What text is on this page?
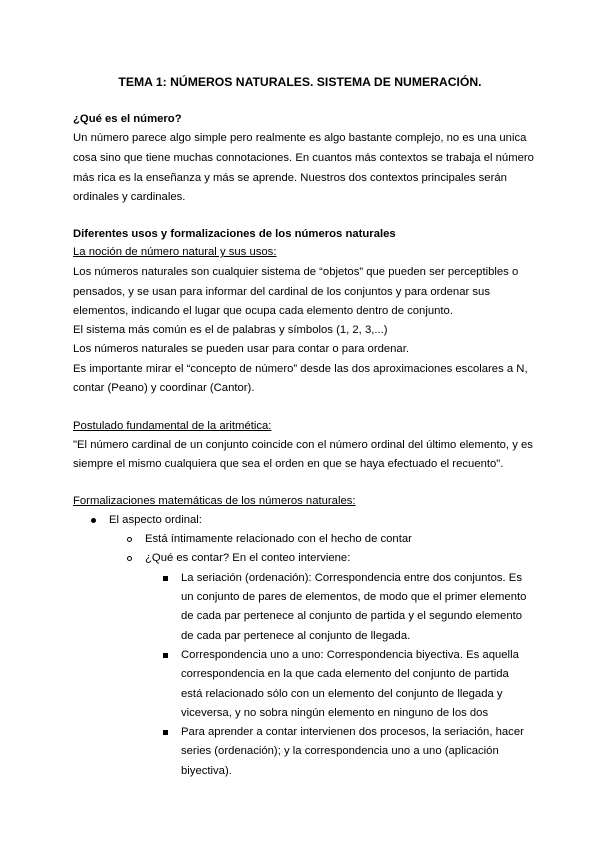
TEMA 1: NÚMEROS NATURALES. SISTEMA DE NUMERACIÓN.
¿Qué es el número?
Un número parece algo simple pero realmente es algo bastante complejo, no es una unica
cosa sino que tiene muchas connotaciones. En cuantos más contextos se trabaja el número
más rica es la enseñanza y más se aprende. Nuestros dos contextos principales serán
ordinales y cardinales.
Diferentes usos y formalizaciones de los números naturales
La noción de número natural y sus usos:
Los números naturales son cualquier sistema de “objetos” que pueden ser perceptibles o
pensados, y se usan para informar del cardinal de los conjuntos y para ordenar sus
elementos, indicando el lugar que ocupa cada elemento dentro de conjunto.
El sistema más común es el de palabras y símbolos (1, 2, 3,...)
Los números naturales se pueden usar para contar o para ordenar.
Es importante mirar el “concepto de número” desde las dos aproximaciones escolares a N,
contar (Peano) y coordinar (Cantor).
Postulado fundamental de la aritmética:
"El número cardinal de un conjunto coincide con el número ordinal del último elemento, y es
siempre el mismo cualquiera que sea el orden en que se haya efectuado el recuento".
Formalizaciones matemáticas de los números naturales:
El aspecto ordinal:
Está íntimamente relacionado con el hecho de contar
¿Qué es contar? En el conteo interviene:
La seriación (ordenación): Correspondencia entre dos conjuntos. Es
un conjunto de pares de elementos, de modo que el primer elemento
de cada par pertenece al conjunto de partida y el segundo elemento
de cada par pertenece al conjunto de llegada.
Correspondencia uno a uno: Correspondencia biyectiva. Es aquella
correspondencia en la que cada elemento del conjunto de partida
está relacionado sólo con un elemento del conjunto de llegada y
viceversa, y no sobra ningún elemento en ninguno de los dos
Para aprender a contar intervienen dos procesos, la seriación, hacer
series (ordenación); y la correspondencia uno a uno (aplicación
biyectiva).
